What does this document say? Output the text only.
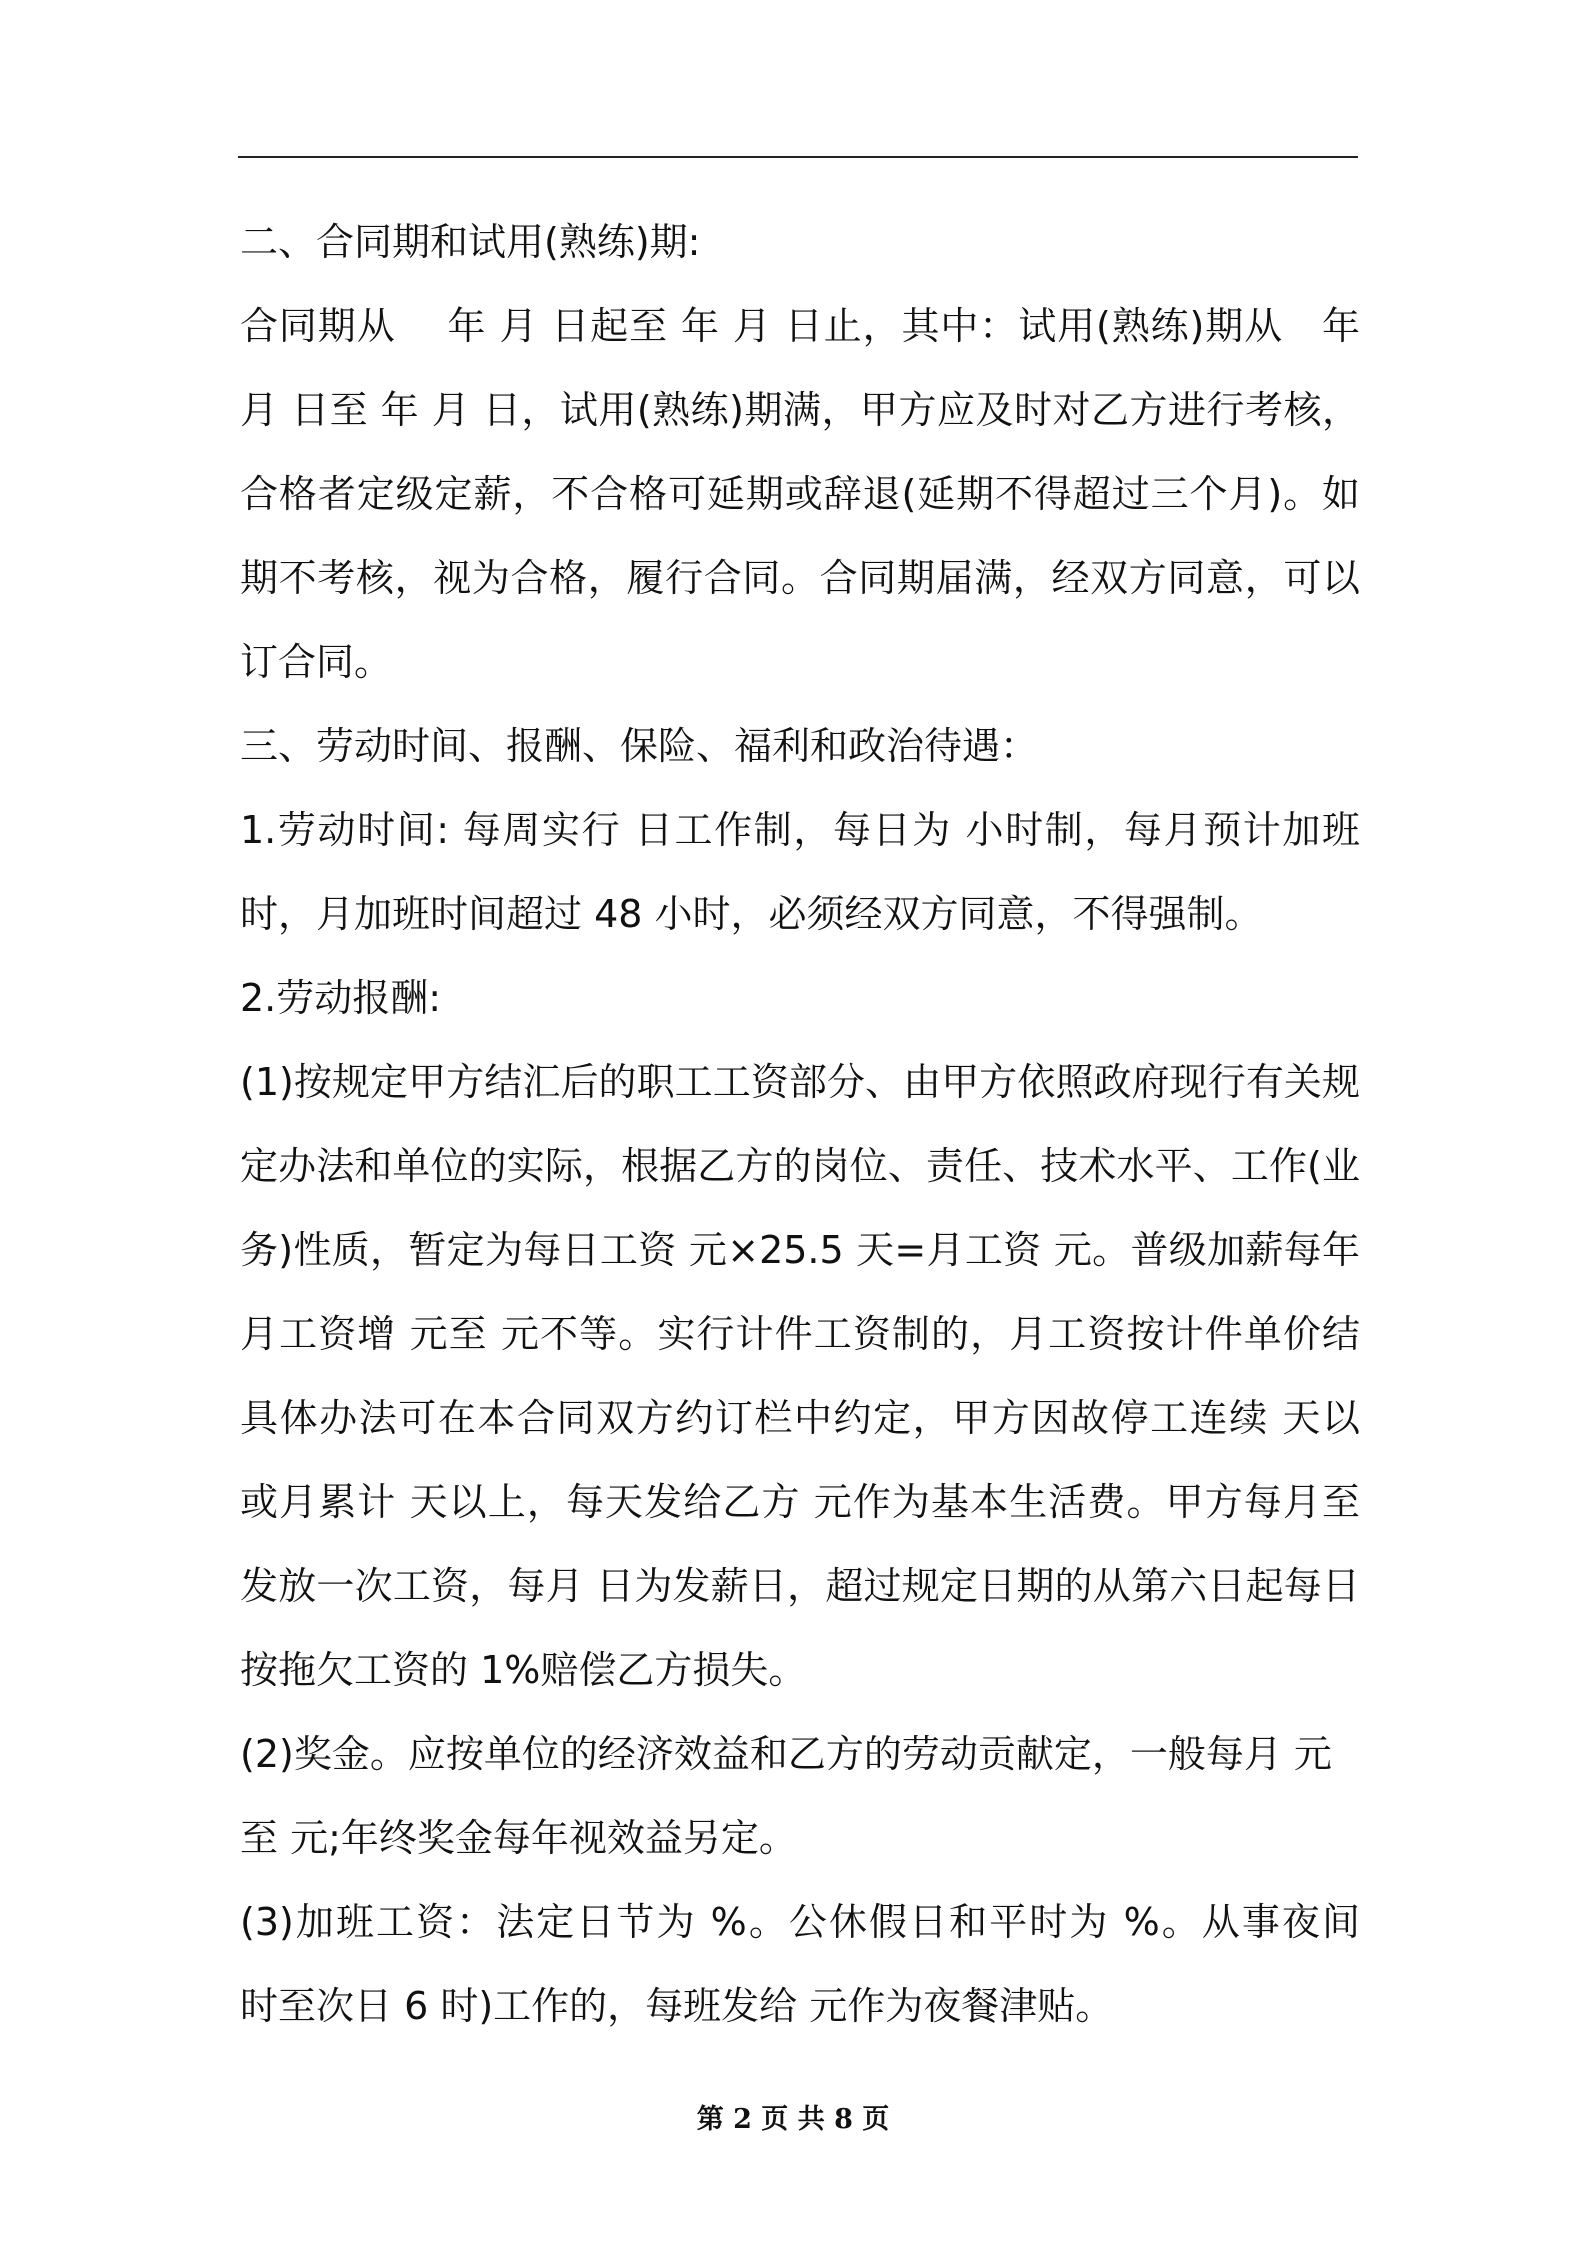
二、合同期和试用(熟练)期:
合同期从　 年 月 日起至 年 月 日止，其中：试用(熟练)期从　年
月 日至 年 月 日，试用(熟练)期满，甲方应及时对乙方进行考核，
合格者定级定薪，不合格可延期或辞退(延期不得超过三个月)。如
期不考核，视为合格，履行合同。合同期届满，经双方同意，可以
订合同。
三、劳动时间、报酬、保险、福利和政治待遇：
1.劳动时间: 每周实行 日工作制，每日为 小时制，每月预计加班
时，月加班时间超过 48 小时，必须经双方同意，不得强制。
2.劳动报酬:
(1)按规定甲方结汇后的职工工资部分、由甲方依照政府现行有关规
定办法和单位的实际，根据乙方的岗位、责任、技术水平、工作(业
务)性质，暂定为每日工资 元×25.5 天=月工资 元。普级加薪每年
月工资增 元至 元不等。实行计件工资制的，月工资按计件单价结
具体办法可在本合同双方约订栏中约定，甲方因故停工连续 天以
或月累计 天以上，每天发给乙方 元作为基本生活费。甲方每月至
发放一次工资，每月 日为发薪日，超过规定日期的从第六日起每日
按拖欠工资的 1%赔偿乙方损失。
(2)奖金。应按单位的经济效益和乙方的劳动贡献定，一般每月 元
至 元;年终奖金每年视效益另定。
(3)加班工资：法定日节为 %。公休假日和平时为 %。从事夜间
时至次日 6 时)工作的，每班发给 元作为夜餐津贴。
第 2 页 共 8 页
